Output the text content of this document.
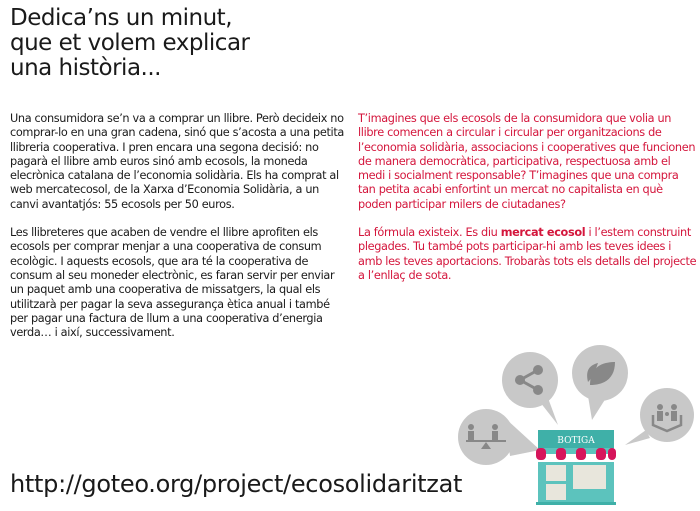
Dedica’ns un minut,
que et volem explicar
una història...

Una consumidora se’n va a comprar un llibre. Però decideix no comprar-lo en una gran cadena, sinó que s’acosta a una petita llibreria cooperativa. I pren encara una segona decisió: no pagarà el llibre amb euros sinó amb ecosols, la moneda elecrònica catalana de l’economia solidària. Els ha comprat al web mercatecosol, de la Xarxa d’Economia Solidària, a un canvi avantatjós: 55 ecosols per 50 euros.

Les llibreteres que acaben de vendre el llibre aprofiten els ecosols per comprar menjar a una cooperativa de consum ecològic. I aquests ecosols, que ara té la cooperativa de consum al seu moneder electrònic, es faran servir per enviar un paquet amb una cooperativa de missatgers, la qual els utilitzarà per pagar la seva assegurança ètica anual i també per pagar una factura de llum a una cooperativa d’energia verda… i així, successivament.

T’imagines que els ecosols de la consumidora que volia un llibre comencen a circular i circular per organitzacions de l’economia solidària, associacions i cooperatives que funcionen de manera democràtica, participativa, respectuosa amb el medi i socialment responsable? T’imagines que una compra tan petita acabi enfortint un mercat no capitalista en què poden participar milers de ciutadanes?

La fórmula existeix. Es diu mercat ecosol i l’estem construint plegades. Tu també pots participar-hi amb les teves idees i amb les teves aportacions. Trobaràs tots els detalls del projecte a l’enllaç de sota.

http://goteo.org/project/ecosolidaritzat
BOTIGA
